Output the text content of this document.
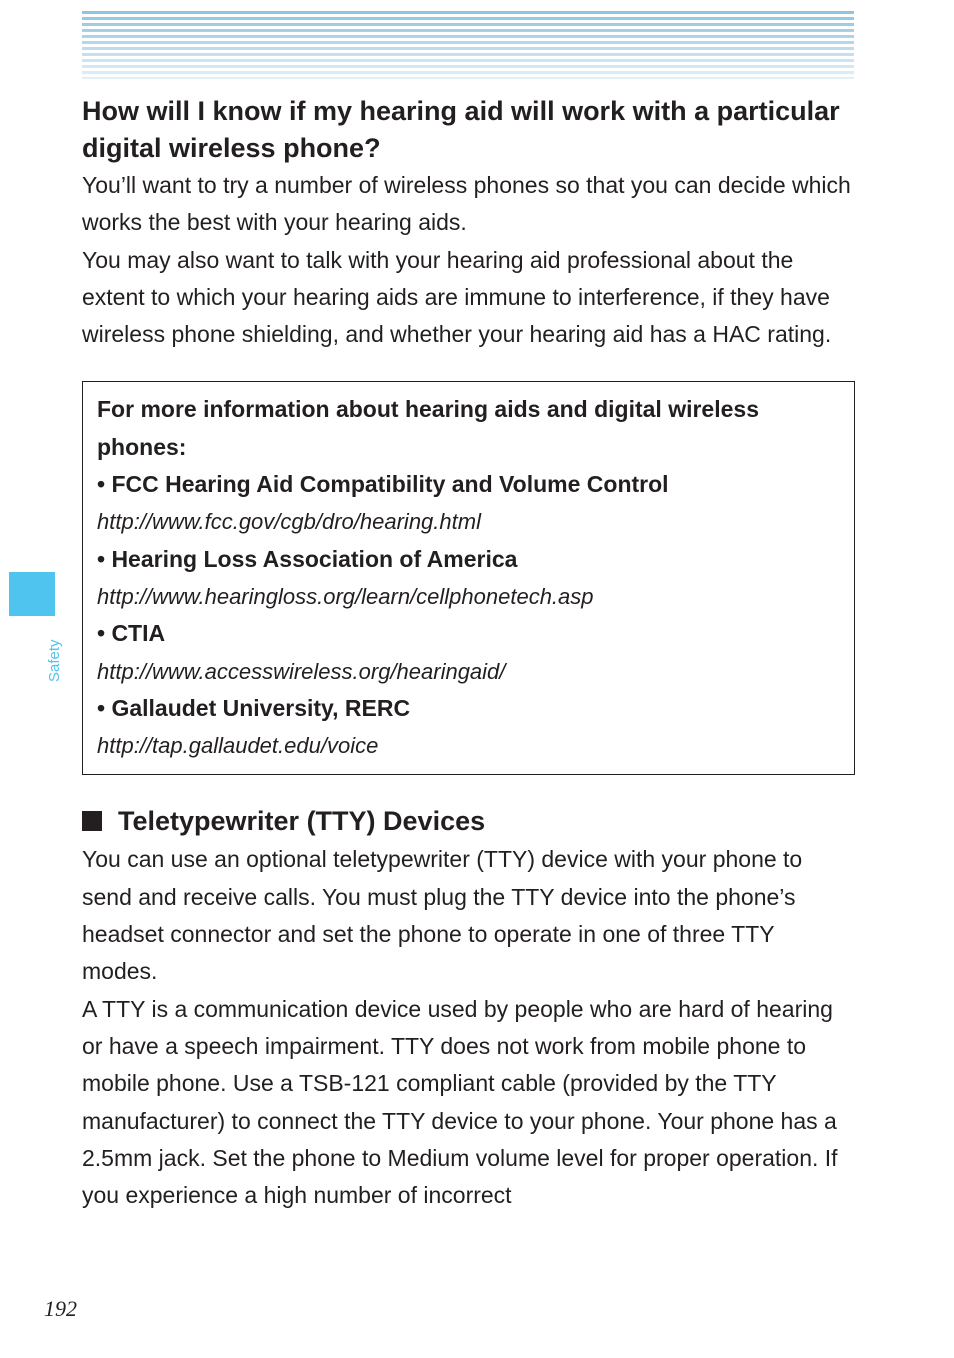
Safety
How will I know if my hearing aid will work with a particular digital wireless phone?

You’ll want to try a number of wireless phones so that you can decide which works the best with your hearing aids.

You may also want to talk with your hearing aid professional about the extent to which your hearing aids are immune to interference, if they have wireless phone shielding, and whether your hearing aid has a HAC rating.

For more information about hearing aids and digital wireless phones:

• FCC Hearing Aid Compatibility and Volume Control

http://www.fcc.gov/cgb/dro/hearing.html

• Hearing Loss Association of America

http://www.hearingloss.org/learn/cellphonetech.asp

• CTIA

http://www.accesswireless.org/hearingaid/

• Gallaudet University, RERC

http://tap.gallaudet.edu/voice

Teletypewriter (TTY) Devices

You can use an optional teletypewriter (TTY) device with your phone to send and receive calls. You must plug the TTY device into the phone’s headset connector and set the phone to operate in one of three TTY modes.

A TTY is a communication device used by people who are hard of hearing or have a speech impairment. TTY does not work from mobile phone to mobile phone. Use a TSB-121 compliant cable (provided by the TTY manufacturer) to connect the TTY device to your phone. Your phone has a 2.5mm jack. Set the phone to Medium volume level for proper operation. If you experience a high number of incorrect

192
